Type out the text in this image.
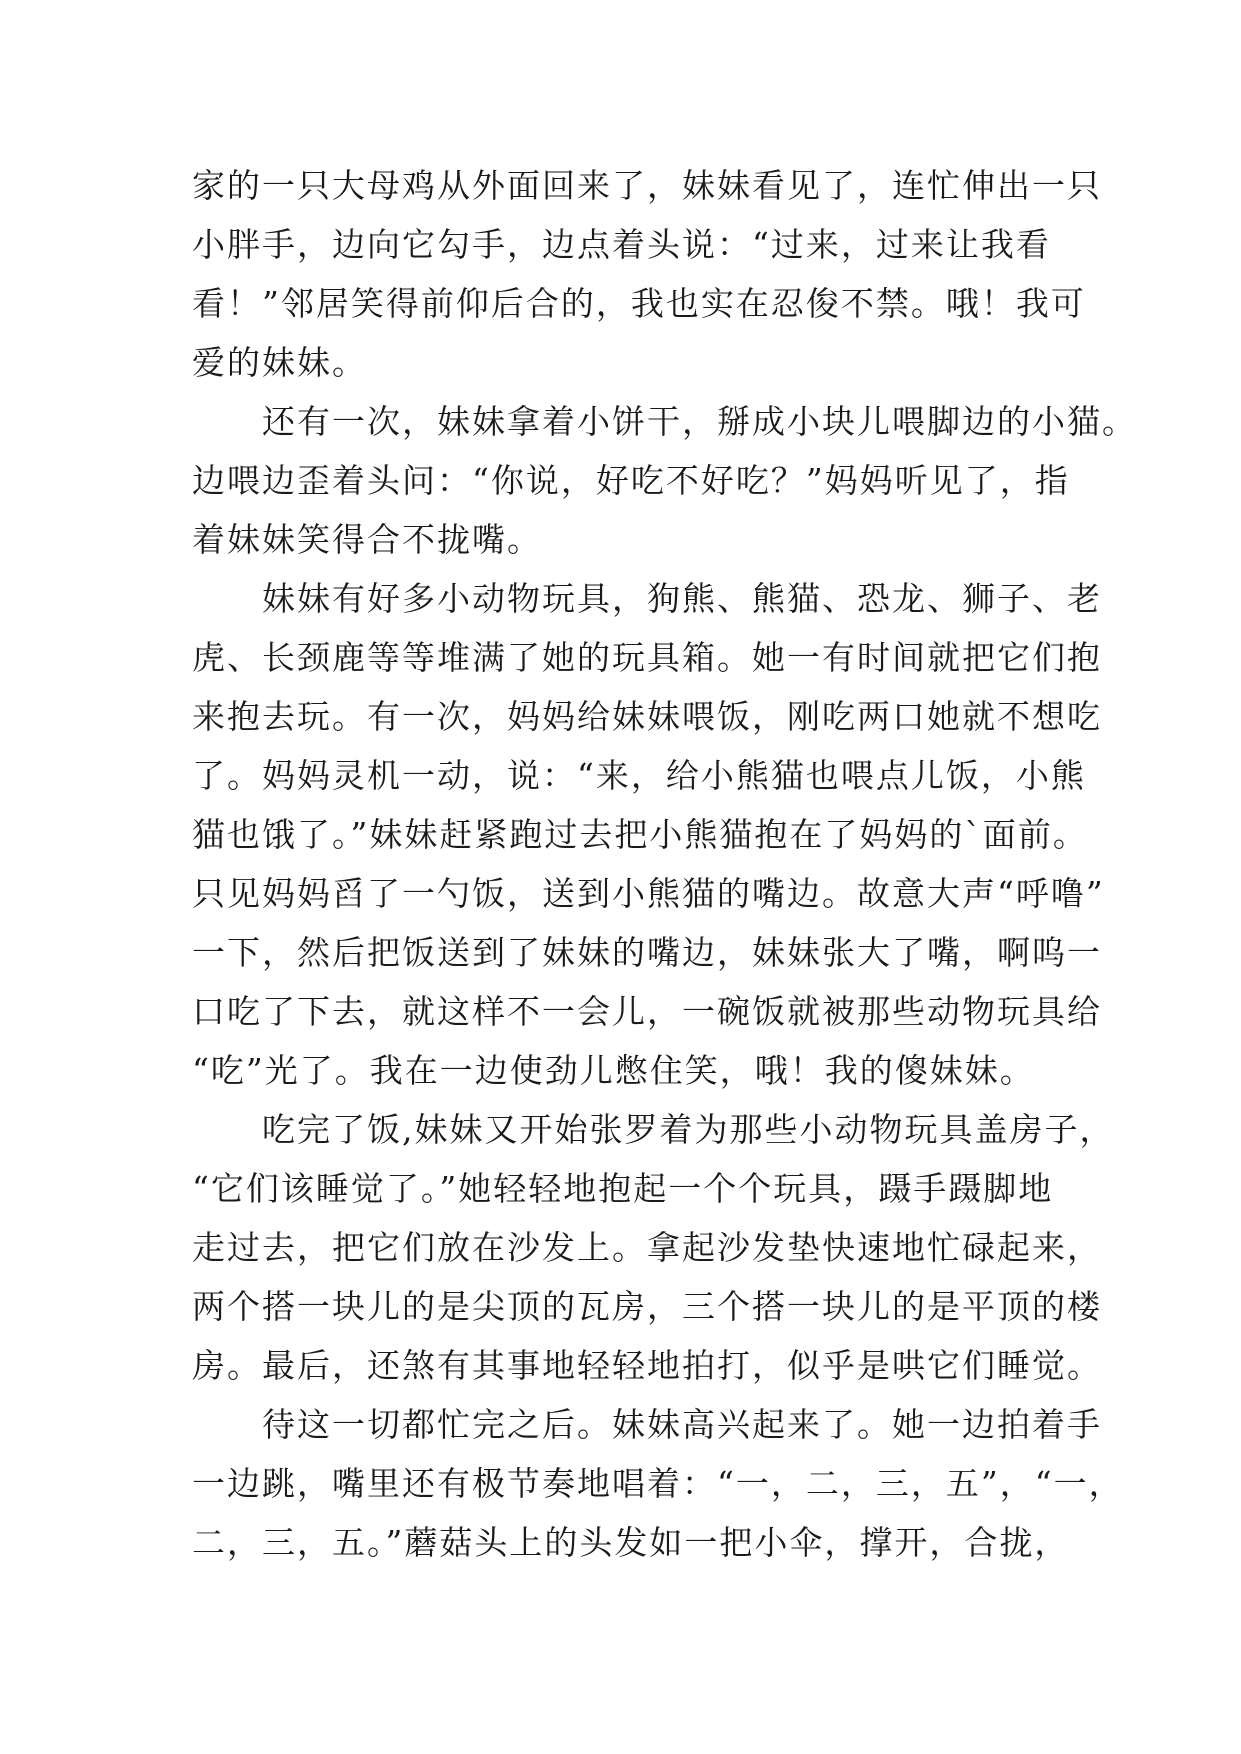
家的一只大母鸡从外面回来了，妹妹看见了，连忙伸出一只
小胖手，边向它勾手，边点着头说：“过来，过来让我看
看！”邻居笑得前仰后合的，我也实在忍俊不禁。哦！我可
爱的妹妹。
　　还有一次，妹妹拿着小饼干，掰成小块儿喂脚边的小猫。
边喂边歪着头问：“你说，好吃不好吃？”妈妈听见了，指
着妹妹笑得合不拢嘴。
　　妹妹有好多小动物玩具，狗熊、熊猫、恐龙、狮子、老
虎、长颈鹿等等堆满了她的玩具箱。她一有时间就把它们抱
来抱去玩。有一次，妈妈给妹妹喂饭，刚吃两口她就不想吃
了。妈妈灵机一动，说：“来，给小熊猫也喂点儿饭，小熊
猫也饿了。”妹妹赶紧跑过去把小熊猫抱在了妈妈的`面前。
只见妈妈舀了一勺饭，送到小熊猫的嘴边。故意大声“呼噜”
一下，然后把饭送到了妹妹的嘴边，妹妹张大了嘴，啊呜一
口吃了下去，就这样不一会儿，一碗饭就被那些动物玩具给
“吃”光了。我在一边使劲儿憋住笑，哦！我的傻妹妹。
　　吃完了饭,妹妹又开始张罗着为那些小动物玩具盖房子，
“它们该睡觉了。”她轻轻地抱起一个个玩具，蹑手蹑脚地
走过去，把它们放在沙发上。拿起沙发垫快速地忙碌起来，
两个搭一块儿的是尖顶的瓦房，三个搭一块儿的是平顶的楼
房。最后，还煞有其事地轻轻地拍打，似乎是哄它们睡觉。
　　待这一切都忙完之后。妹妹高兴起来了。她一边拍着手
一边跳，嘴里还有极节奏地唱着：“一，二，三，五”，“一，
二，三，五。”蘑菇头上的头发如一把小伞，撑开，合拢，
